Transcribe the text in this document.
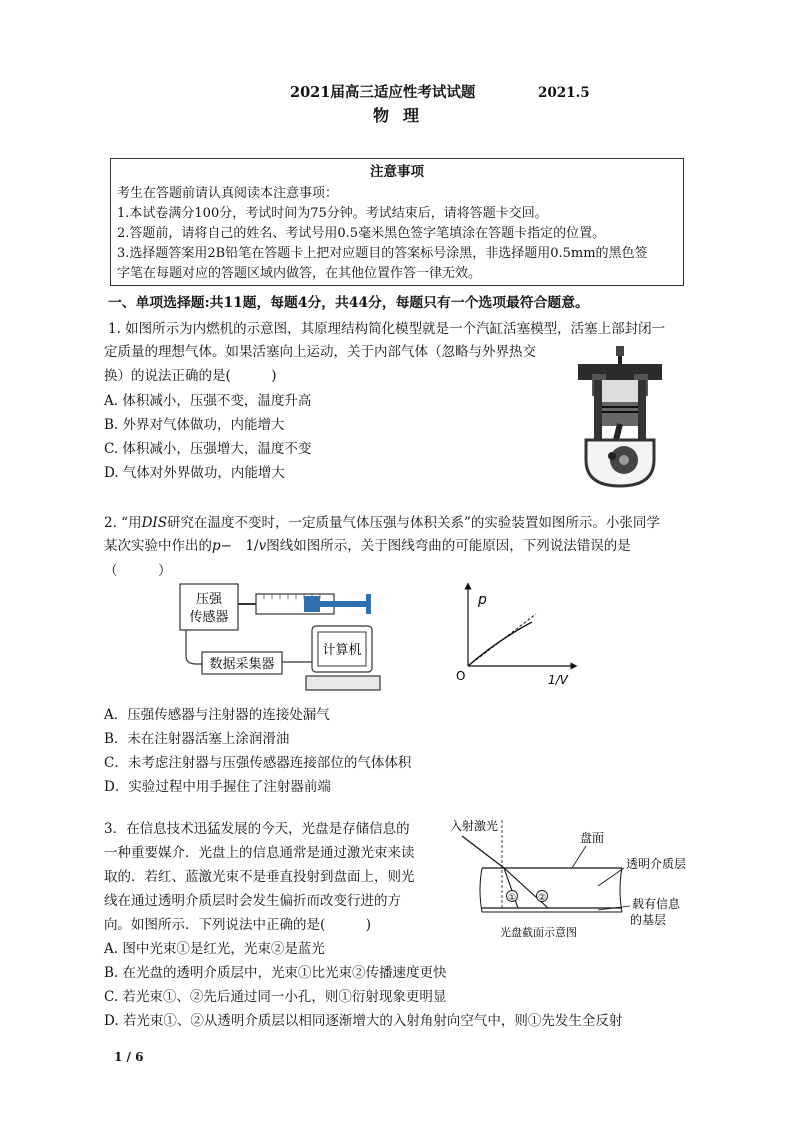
2021届高三适应性考试试题	2021.5
物理
注意事项
考生在答题前请认真阅读本注意事项：
1.本试卷满分100分，考试时间为75分钟。考试结束后，请将答题卡交回。
2.答题前，请将自己的姓名、考试号用0.5毫米黑色签字笔填涂在答题卡指定的位置。
3.选择题答案用2B铅笔在答题卡上把对应题目的答案标号涂黑，非选择题用0.5mm的黑色签
字笔在每题对应的答题区域内做答，在其他位置作答一律无效。
一、单项选择题:共11题，每题4分，共44分，每题只有一个选项最符合题意。
1. 如图所示为内燃机的示意图，其原理结构简化模型就是一个汽缸活塞模型，活塞上部封闭一
定质量的理想气体。如果活塞向上运动，关于内部气体（忽略与外界热交
换）的说法正确的是(　　　)
A. 体积减小，压强不变，温度升高
B. 外界对气体做功，内能增大
C. 体积减小，压强增大，温度不变
D. 气体对外界做功，内能增大
2. “用DIS研究在温度不变时，一定质量气体压强与体积关系”的实验装置如图所示。小张同学
某次实验中作出的p−　1/v图线如图所示，关于图线弯曲的可能原因，下列说法错误的是
（　　　）
压强
传感器
数据采集器
计算机
p
1/V
O
A．压强传感器与注射器的连接处漏气
B．未在注射器活塞上涂润滑油
C．未考虑注射器与压强传感器连接部位的气体体积
D．实验过程中用手握住了注射器前端
3．在信息技术迅猛发展的今天，光盘是存储信息的
一种重要媒介．光盘上的信息通常是通过激光束来读
取的．若红、蓝激光束不是垂直投射到盘面上，则光
线在通过透明介质层时会发生偏折而改变行进的方
向。如图所示．下列说法中正确的是(　　　)
入射激光
盘面
透明介质层
载有信息
的基层
光盘截面示意图
① ②
A. 图中光束①是红光，光束②是蓝光
B. 在光盘的透明介质层中，光束①比光束②传播速度更快
C. 若光束①、②先后通过同一小孔，则①衍射现象更明显
D. 若光束①、②从透明介质层以相同逐渐增大的入射角射向空气中，则①先发生全反射
1 / 6
